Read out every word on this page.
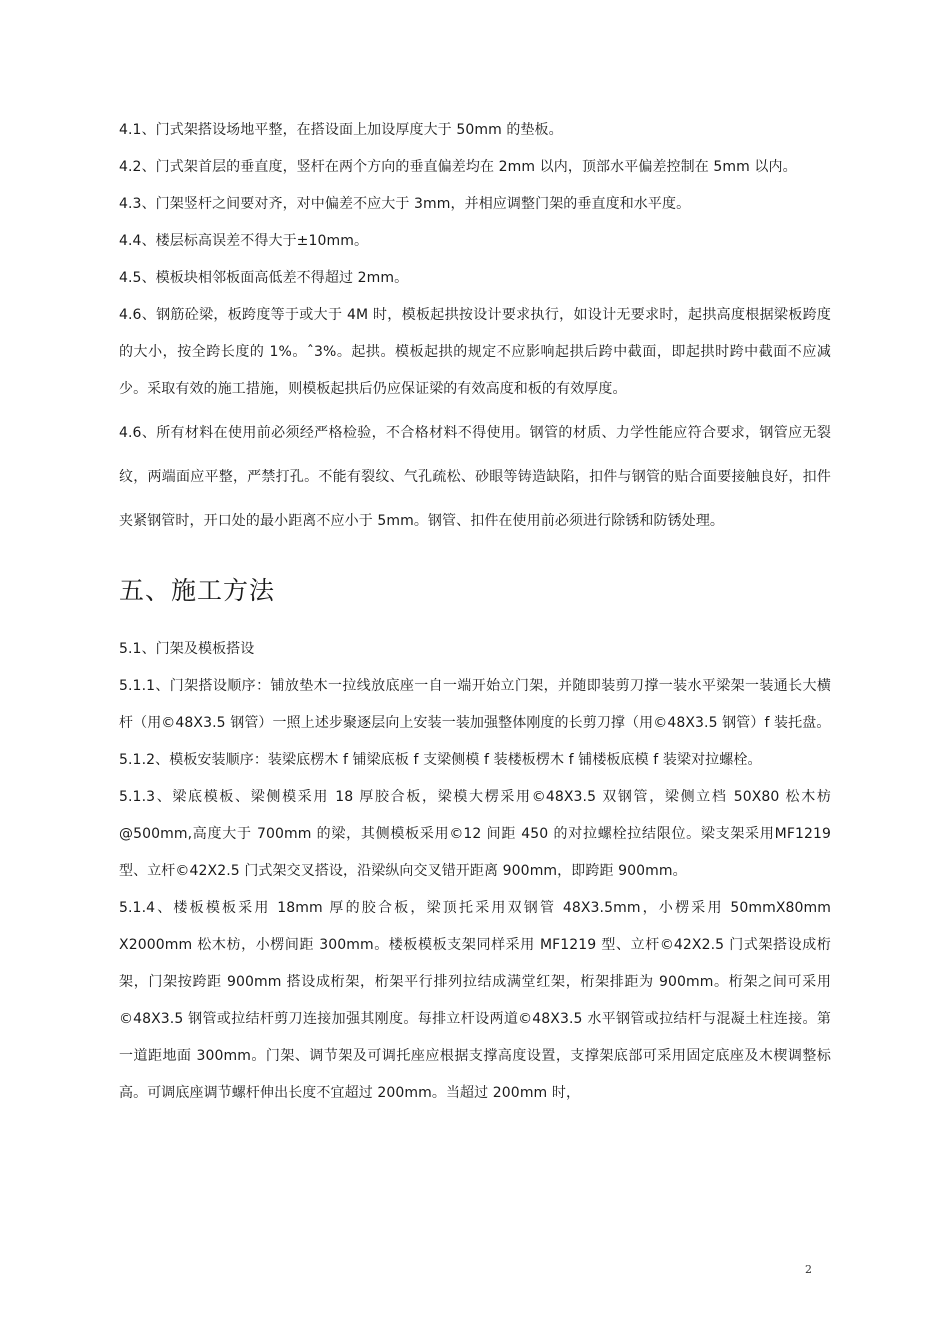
4.1、门式架搭设场地平整，在搭设面上加设厚度大于 50mm 的垫板。

4.2、门式架首层的垂直度，竖杆在两个方向的垂直偏差均在 2mm 以内，顶部水平偏差控制在 5mm 以内。

4.3、门架竖杆之间要对齐，对中偏差不应大于 3mm，并相应调整门架的垂直度和水平度。

4.4、楼层标高误差不得大于±10mm。

4.5、模板块相邻板面高低差不得超过 2mm。

4.6、钢筋砼梁，板跨度等于或大于 4M 时，模板起拱按设计要求执行，如设计无要求时，起拱高度根据梁板跨度的大小，按全跨长度的 1%。ˆ3%。起拱。模板起拱的规定不应影响起拱后跨中截面，即起拱时跨中截面不应减少。采取有效的施工措施，则模板起拱后仍应保证梁的有效高度和板的有效厚度。

4.6、所有材料在使用前必须经严格检验，不合格材料不得使用。钢管的材质、力学性能应符合要求，钢管应无裂纹，两端面应平整，严禁打孔。不能有裂纹、气孔疏松、砂眼等铸造缺陷，扣件与钢管的贴合面要接触良好，扣件夹紧钢管时，开口处的最小距离不应小于 5mm。钢管、扣件在使用前必须进行除锈和防锈处理。

五、施工方法

5.1、门架及模板搭设

5.1.1、门架搭设顺序：铺放垫木一拉线放底座一自一端开始立门架，并随即装剪刀撑一装水平梁架一装通长大横杆（用©48X3.5 钢管）一照上述步聚逐层向上安装一装加强整体刚度的长剪刀撑（用©48X3.5 钢管）f 装托盘。

5.1.2、模板安装顺序：装梁底楞木 f 铺梁底板 f 支梁侧模 f 装楼板楞木 f 铺楼板底模 f 装梁对拉螺栓。

5.1.3、梁底模板、梁侧模采用 18 厚胶合板，梁模大楞采用©48X3.5 双钢管，梁侧立档 50X80 松木枋@500mm,高度大于 700mm 的梁，其侧模板采用©12 间距 450 的对拉螺栓拉结限位。梁支架采用MF1219 型、立杆©42X2.5 门式架交叉搭设，沿梁纵向交叉错开距离 900mm，即跨距 900mm。

5.1.4、楼板模板采用 18mm 厚的胶合板，梁顶托采用双钢管 48X3.5mm，小楞采用 50mmX80mm X2000mm 松木枋，小楞间距 300mm。楼板模板支架同样采用 MF1219 型、立杆©42X2.5 门式架搭设成桁架，门架按跨距 900mm 搭设成桁架，桁架平行排列拉结成满堂红架，桁架排距为 900mm。桁架之间可采用©48X3.5 钢管或拉结杆剪刀连接加强其刚度。每排立杆设两道©48X3.5 水平钢管或拉结杆与混凝土柱连接。第一道距地面 300mm。门架、调节架及可调托座应根据支撑高度设置，支撑架底部可采用固定底座及木楔调整标高。可调底座调节螺杆伸出长度不宜超过 200mm。当超过 200mm 时，

2
